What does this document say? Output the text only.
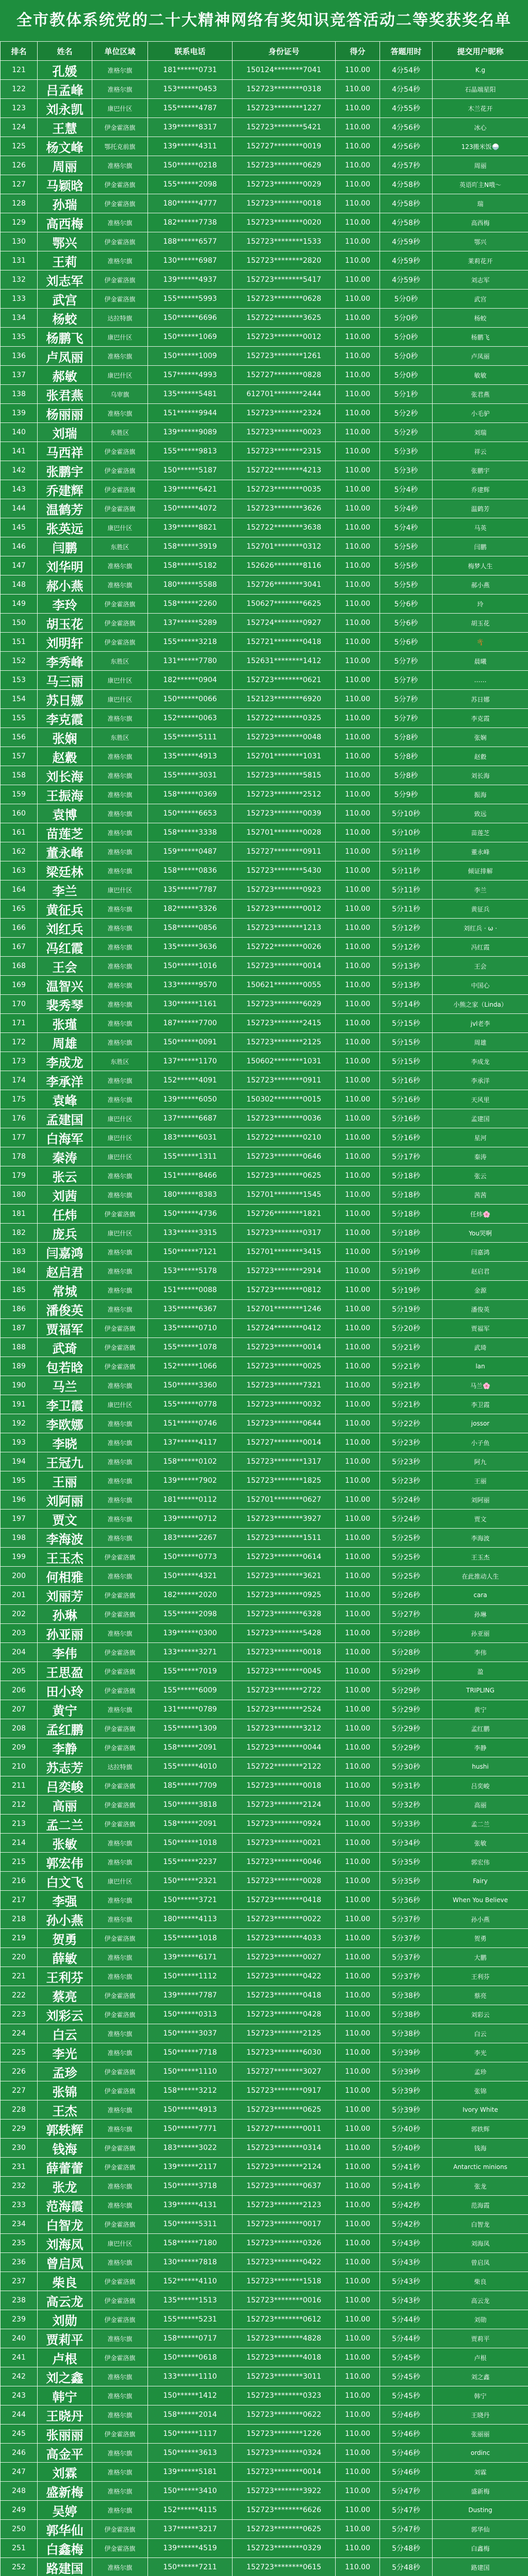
全市教体系统党的二十大精神网络有奖知识竞答活动二等奖获奖名单
排名	姓名	单位区域	联系电话	身份证号	得分	答题用时	提交用户昵称
121	孔媛	准格尔旗	181******0731	150124********7041	110.00	4分54秒	K.g
122	吕孟峰	准格尔旗	153******0453	152723********0318	110.00	4分54秒	石晶端星阳
123	刘永凯	康巴什区	155******4787	152723********1227	110.00	4分55秒	木兰花开
124	王慧	伊金霍洛旗	139******8317	152723********5421	110.00	4分56秒	冰心
125	杨文峰	鄂托克前旗	139******4311	152727********0019	110.00	4分56秒	123搬米饭🍚
126	周丽	准格尔旗	150******0218	152723********0629	110.00	4分57秒	周丽
127	马颖晗	伊金霍洛旗	155******2098	152723********0029	110.00	4分58秒	英语吖主N哦〜
128	孙瑞	伊金霍洛旗	180******4777	152723********0018	110.00	4分58秒	瑞
129	高西梅	准格尔旗	182******7738	152723********0020	110.00	4分58秒	高西梅
130	鄂兴	伊金霍洛旗	188******6577	152723********1533	110.00	4分59秒	鄂兴
131	王莉	准格尔旗	130******6987	152723********2820	110.00	4分59秒	莱莉花开
132	刘志军	伊金霍洛旗	139******4937	152723********5417	110.00	4分59秒	刘志军
133	武宫	伊金霍洛旗	155******5993	152723********0628	110.00	5分0秒	武宫
134	杨蛟	达拉特旗	150******6696	152722********3625	110.00	5分0秒	杨蛟
135	杨鹏飞	康巴什区	150******1069	152723********0012	110.00	5分0秒	杨鹏飞
136	卢凤丽	准格尔旗	150******1009	152723********1261	110.00	5分0秒	卢凤丽
137	郝敏	康巴什区	157******4993	152727********0828	110.00	5分0秒	敏敏
138	张君燕	乌审旗	135******5481	612701********2444	110.00	5分1秒	张君燕
139	杨丽丽	准格尔旗	151******9944	152723********2324	110.00	5分2秒	小毛驴
140	刘瑞	东胜区	139******9089	152723********0023	110.00	5分2秒	刘瑞
141	马西祥	伊金霍洛旗	155******9813	152723********2315	110.00	5分3秒	祥云
142	张鹏宇	伊金霍洛旗	150******5187	152722********4213	110.00	5分3秒	张鹏宇
143	乔建辉	伊金霍洛旗	139******6421	152723********0035	110.00	5分4秒	乔建辉
144	温鹤芳	伊金霍洛旗	150******4072	152723********3626	110.00	5分4秒	温鹤芳
145	张英远	康巴什区	139******8821	152722********3638	110.00	5分4秒	马英
146	闫鹏	东胜区	158******3919	152701********0312	110.00	5分5秒	闫鹏
147	刘华明	准格尔旗	158******5182	152626********8116	110.00	5分5秒	梅梦人生
148	郝小燕	准格尔旗	180******5588	152726********3041	110.00	5分5秒	郝小燕
149	李玲	伊金霍洛旗	158******2260	150627********6625	110.00	5分6秒	玲
150	胡玉花	伊金霍洛旗	137******5289	152724********0927	110.00	5分6秒	胡玉花
151	刘明轩	伊金霍洛旗	155******3218	152721********0418	110.00	5分6秒	🌴
152	李秀峰	东胜区	131******7780	152631********1412	110.00	5分7秒	晨曦
153	马三丽	康巴什区	182******0904	152723********0621	110.00	5分7秒	……
154	苏日娜	康巴什区	150******0066	152123********6920	110.00	5分7秒	苏日娜
155	李克霞	准格尔旗	152******0063	152722********0325	110.00	5分7秒	李克霞
156	张娴	东胜区	155******5111	152723********0048	110.00	5分8秒	张娴
157	赵縠	准格尔旗	135******4913	152701********1031	110.00	5分8秒	赵縠
158	刘长海	准格尔旗	155******3031	152723********5815	110.00	5分8秒	刘长海
159	王振海	准格尔旗	158******0369	152723********2512	110.00	5分9秒	振海
160	袁博	准格尔旗	150******6653	152723********0039	110.00	5分10秒	致远
161	苗莲芝	准格尔旗	158******3338	152701********0028	110.00	5分10秒	苗莲芝
162	董永峰	准格尔旗	159******0487	152727********0911	110.00	5分11秒	董永峰
163	梁廷林	准格尔旗	158******0836	152723********5430	110.00	5分11秒	倾证排解
164	李兰	康巴什区	135******7787	152723********0923	110.00	5分11秒	李兰
165	黄征兵	准格尔旗	182******3326	152723********0012	110.00	5分11秒	黄征兵
166	刘红兵	准格尔旗	158******0856	152723********1213	110.00	5分12秒	刘红兵 · ω ·
167	冯红霞	准格尔旗	135******3636	152722********0026	110.00	5分12秒	冯红霞
168	王会	准格尔旗	150******1016	152723********0014	110.00	5分13秒	王会
169	温智兴	准格尔旗	133******9570	150621********0055	110.00	5分13秒	中国心
170	裴秀琴	准格尔旗	130******1161	152723********6029	110.00	5分14秒	小熊之家（Linda）
171	张瑾	准格尔旗	187******7700	152723********2415	110.00	5分15秒	jvl老李
172	周雄	准格尔旗	150******0091	152723********2125	110.00	5分15秒	周雄
173	李成龙	东胜区	137******1170	150602********1031	110.00	5分15秒	李成龙
174	李承洋	准格尔旗	152******4091	152723********0911	110.00	5分16秒	李承洋
175	袁峰	准格尔旗	139******6050	150302********0015	110.00	5分16秒	天风里
176	孟建国	康巴什区	137******6687	152723********0036	110.00	5分16秒	孟建国
177	白海军	康巴什区	183******6031	152722********0210	110.00	5分16秒	星河
178	秦涛	康巴什区	155******1311	152723********0646	110.00	5分17秒	秦涛
179	张云	准格尔旗	151******8466	152723********0625	110.00	5分18秒	张云
180	刘茜	准格尔旗	180******8383	152701********1545	110.00	5分18秒	茜茜
181	任炜	伊金霍洛旗	150******4736	152726********1821	110.00	5分18秒	任炜🌸
182	庞兵	康巴什区	133******3315	152723********0317	110.00	5分18秒	You哭啊
183	闫嘉鸿	准格尔旗	150******7121	152701********3415	110.00	5分19秒	闫嘉鸿
184	赵启君	准格尔旗	153******5178	152723********2914	110.00	5分19秒	赵启君
185	常城	准格尔旗	151******0088	152723********0812	110.00	5分19秒	金源
186	潘俊英	准格尔旗	135******6367	152701********1246	110.00	5分19秒	潘俊英
187	贾福军	伊金霍洛旗	135******0710	152724********0412	110.00	5分20秒	贾福军
188	武琦	伊金霍洛旗	155******1078	152723********0014	110.00	5分21秒	武琦
189	包若晗	伊金霍洛旗	152******1066	152723********0025	110.00	5分21秒	lan
190	马兰	准格尔旗	150******3360	152723********7321	110.00	5分21秒	马兰🌸
191	李卫霞	康巴什区	155******0778	152723********0032	110.00	5分21秒	李卫霞
192	李欧娜	准格尔旗	151******0746	152723********0644	110.00	5分22秒	jossor
193	李晓	准格尔旗	137******4117	152727********0014	110.00	5分23秒	小子鱼
194	王冠九	准格尔旗	158******0102	152723********1317	110.00	5分23秒	阿九
195	王丽	准格尔旗	139******7902	152723********1825	110.00	5分23秒	王丽
196	刘阿丽	准格尔旗	181******0112	152701********0627	110.00	5分24秒	刘阿丽
197	贾文	准格尔旗	139******0712	152723********3927	110.00	5分24秒	贾文
198	李海波	准格尔旗	183******2267	152723********1511	110.00	5分25秒	李海波
199	王玉杰	伊金霍洛旗	150******0773	152723********0614	110.00	5分25秒	王玉杰
200	何相雅	准格尔旗	150******4321	152723********3621	110.00	5分25秒	在此推动人生
201	刘丽芳	伊金霍洛旗	182******2020	152723********0925	110.00	5分26秒	cara
202	孙琳	伊金霍洛旗	155******2098	152723********6328	110.00	5分27秒	孙琳
203	孙亚丽	准格尔旗	139******0300	152723********5428	110.00	5分28秒	孙亚丽
204	李伟	伊金霍洛旗	133******3271	152723********0018	110.00	5分28秒	李伟
205	王思盈	伊金霍洛旗	155******7019	152723********0045	110.00	5分29秒	盈
206	田小玲	伊金霍洛旗	155******6009	152723********2722	110.00	5分29秒	TRIPLING
207	黄宁	准格尔旗	131******0789	152723********2524	110.00	5分29秒	黄宁
208	孟红鹏	伊金霍洛旗	155******1309	152723********3212	110.00	5分29秒	孟红鹏
209	李静	伊金霍洛旗	158******2091	152723********0044	110.00	5分29秒	李静
210	苏志芳	达拉特旗	155******4010	152722********2122	110.00	5分30秒	hushi
211	吕奕峻	伊金霍洛旗	185******7709	152723********0018	110.00	5分31秒	吕奕峻
212	高丽	伊金霍洛旗	150******3818	152723********2124	110.00	5分32秒	高丽
213	孟二兰	伊金霍洛旗	158******2091	152723********0924	110.00	5分33秒	孟二兰
214	张敏	准格尔旗	150******1018	152723********0021	110.00	5分34秒	张敏
215	郭宏伟	准格尔旗	155******2237	152723********0046	110.00	5分35秒	郭宏伟
216	白文飞	康巴什区	150******2321	152723********0028	110.00	5分35秒	Fairy
217	李强	准格尔旗	150******3721	152723********0418	110.00	5分36秒	When You Believe
218	孙小燕	准格尔旗	180******4113	152723********0022	110.00	5分37秒	孙小燕
219	贺勇	伊金霍洛旗	155******1018	152723********4033	110.00	5分37秒	贺勇
220	薛敏	准格尔旗	139******6171	152723********0027	110.00	5分37秒	大鹏
221	王利芬	准格尔旗	150******1112	152723********0422	110.00	5分37秒	王利芬
222	蔡亮	伊金霍洛旗	139******7787	152723********0418	110.00	5分38秒	蔡亮
223	刘彩云	伊金霍洛旗	150******0313	152723********0428	110.00	5分38秒	刘彩云
224	白云	准格尔旗	150******3037	152723********2125	110.00	5分38秒	白云
225	李光	准格尔旗	150******7718	152723********6030	110.00	5分39秒	李光
226	孟珍	伊金霍洛旗	150******1110	152727********3027	110.00	5分39秒	孟珍
227	张锦	伊金霍洛旗	158******3212	152723********0917	110.00	5分39秒	张锦
228	王杰	准格尔旗	150******4913	152723********0625	110.00	5分39秒	Ivory White
229	郭轶辉	准格尔旗	150******7771	152727********0011	110.00	5分40秒	郭轶辉
230	钱海	伊金霍洛旗	183******3022	152723********0314	110.00	5分40秒	钱海
231	薛蕾蕾	伊金霍洛旗	139******2117	152723********2124	110.00	5分41秒	Antarctic minions
232	张龙	准格尔旗	150******3718	152723********0637	110.00	5分41秒	张龙
233	范海霞	准格尔旗	139******4131	152723********2123	110.00	5分42秒	范海霞
234	白智龙	伊金霍洛旗	150******5311	152723********0017	110.00	5分42秒	白智龙
235	刘海凤	康巴什区	158******7180	152723********0326	110.00	5分43秒	刘海凤
236	曾启凤	准格尔旗	130******7818	152723********0422	110.00	5分43秒	曾启凤
237	柴良	伊金霍洛旗	152******4110	152723********1518	110.00	5分43秒	柴良
238	高云龙	伊金霍洛旗	135******1513	152723********0016	110.00	5分43秒	高云龙
239	刘勋	伊金霍洛旗	155******5231	152723********0612	110.00	5分44秒	刘勋
240	贾莉平	准格尔旗	158******0717	152723********4828	110.00	5分44秒	贾莉平
241	卢根	伊金霍洛旗	150******0618	152723********4018	110.00	5分45秒	卢根
242	刘之鑫	准格尔旗	133******1110	152723********3011	110.00	5分45秒	刘之鑫
243	韩宁	准格尔旗	150******1412	152723********0323	110.00	5分45秒	韩宁
244	王晓丹	准格尔旗	158******2014	152723********0622	110.00	5分46秒	王晓丹
245	张丽丽	伊金霍洛旗	150******1117	152723********1226	110.00	5分46秒	张丽丽
246	高金平	准格尔旗	150******3613	152723********0324	110.00	5分46秒	ordinc
247	刘霖	准格尔旗	139******5181	152723********0014	110.00	5分46秒	刘霖
248	盛新梅	准格尔旗	150******3410	152723********3922	110.00	5分47秒	盛新梅
249	吴婷	准格尔旗	152******4115	152723********6626	110.00	5分47秒	Dusting
250	郭华仙	伊金霍洛旗	137******3217	152723********0625	110.00	5分47秒	郭华仙
251	白鑫梅	伊金霍洛旗	139******4519	152723********0329	110.00	5分48秒	白鑫梅
252	路建国	准格尔旗	150******7211	152723********0615	110.00	5分48秒	路建国
